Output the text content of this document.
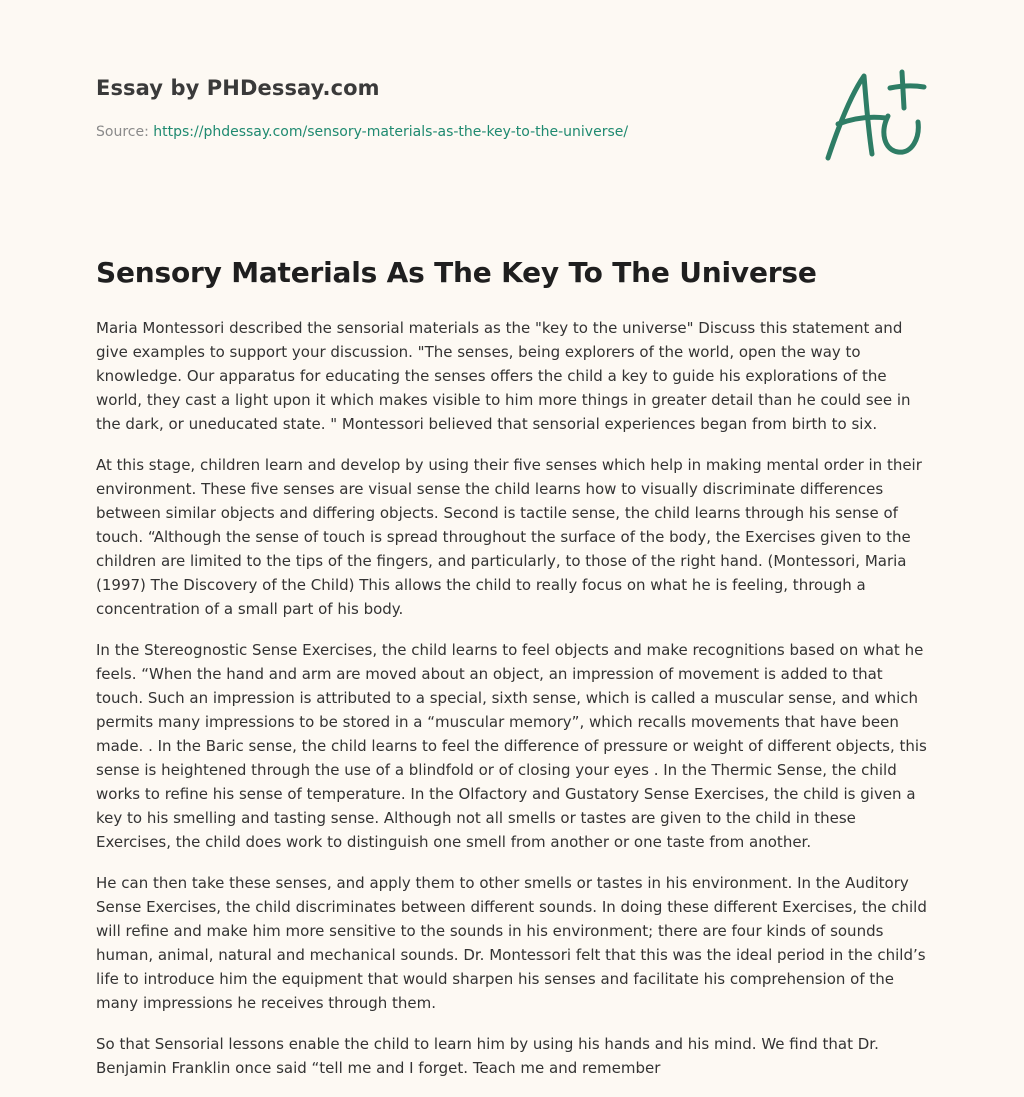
Essay by PHDessay.com
Source: https://phdessay.com/sensory-materials-as-the-key-to-the-universe/
Sensory Materials As The Key To The Universe

Maria Montessori described the sensorial materials as the "key to the universe" Discuss this statement and give examples to support your discussion. "The senses, being explorers of the world, open the way to knowledge. Our apparatus for educating the senses offers the child a key to guide his explorations of the world, they cast a light upon it which makes visible to him more things in greater detail than he could see in the dark, or uneducated state. " Montessori believed that sensorial experiences began from birth to six.

At this stage, children learn and develop by using their five senses which help in making mental order in their environment. These five senses are visual sense the child learns how to visually discriminate differences between similar objects and differing objects. Second is tactile sense, the child learns through his sense of touch. “Although the sense of touch is spread throughout the surface of the body, the Exercises given to the children are limited to the tips of the fingers, and particularly, to those of the right hand. (Montessori, Maria (1997) The Discovery of the Child) This allows the child to really focus on what he is feeling, through a concentration of a small part of his body.

In the Stereognostic Sense Exercises, the child learns to feel objects and make recognitions based on what he feels. “When the hand and arm are moved about an object, an impression of movement is added to that touch. Such an impression is attributed to a special, sixth sense, which is called a muscular sense, and which permits many impressions to be stored in a “muscular memory”, which recalls movements that have been made. . In the Baric sense, the child learns to feel the difference of pressure or weight of different objects, this sense is heightened through the use of a blindfold or of closing your eyes . In the Thermic Sense, the child works to refine his sense of temperature. In the Olfactory and Gustatory Sense Exercises, the child is given a key to his smelling and tasting sense. Although not all smells or tastes are given to the child in these Exercises, the child does work to distinguish one smell from another or one taste from another.

He can then take these senses, and apply them to other smells or tastes in his environment. In the Auditory Sense Exercises, the child discriminates between different sounds. In doing these different Exercises, the child will refine and make him more sensitive to the sounds in his environment; there are four kinds of sounds human, animal, natural and mechanical sounds. Dr. Montessori felt that this was the ideal period in the child’s life to introduce him the equipment that would sharpen his senses and facilitate his comprehension of the many impressions he receives through them.

So that Sensorial lessons enable the child to learn him by using his hands and his mind. We find that Dr. Benjamin Franklin once said “tell me and I forget. Teach me and remember
